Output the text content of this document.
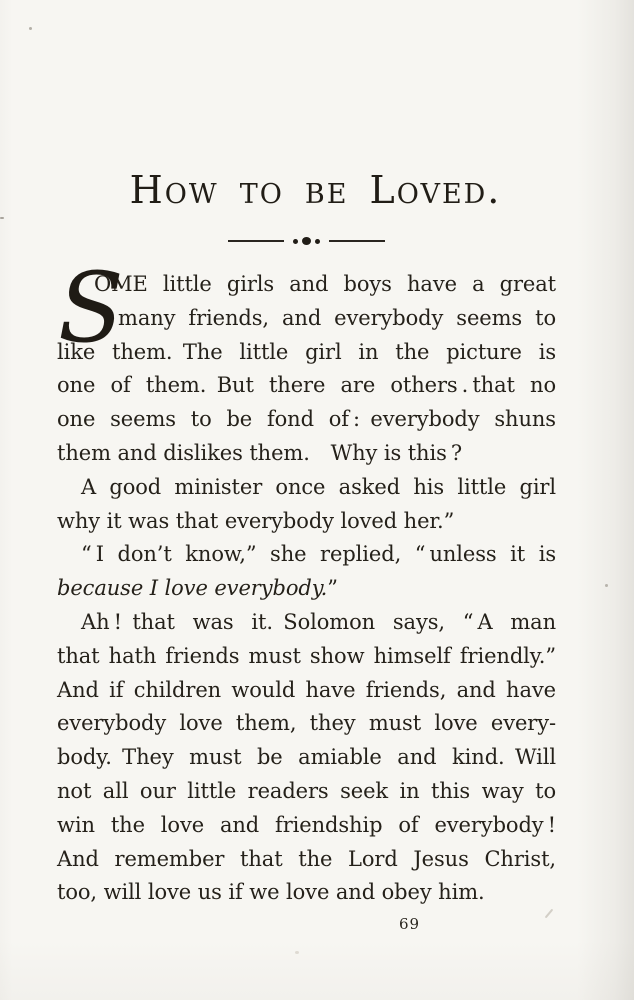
How to be Loved.
S
OME little girls and boys have a great
many friends, and everybody seems to
like them. The little girl in the picture is
one of them. But there are others . that no
one seems to be fond of : everybody shuns
them and dislikes them.  Why is this ?
A good minister once asked his little girl
why it was that everybody loved her.”
“ I don’t know,” she replied, “ unless it is
because I love everybody.”
Ah ! that was it. Solomon says, “ A man
that hath friends must show himself friendly.”
And if children would have friends, and have
everybody love them, they must love every-
body. They must be amiable and kind. Will
not all our little readers seek in this way to
win the love and friendship of everybody !
And remember that the Lord Jesus Christ,
too, will love us if we love and obey him.
69
